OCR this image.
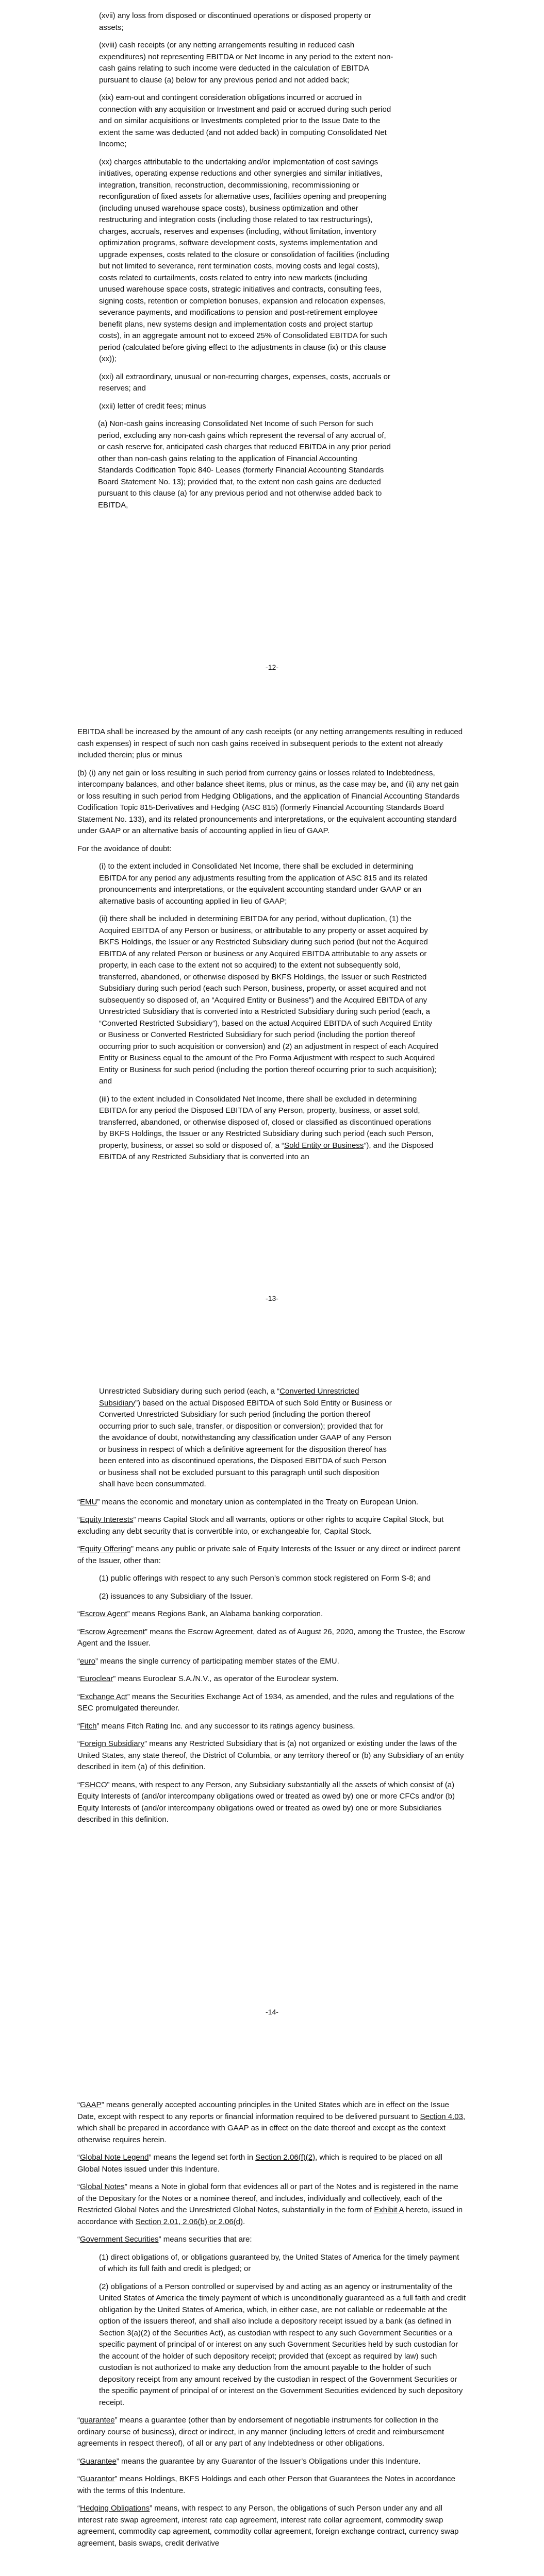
(xvii) any loss from disposed or discontinued operations or disposed property or assets;

(xviii) cash receipts (or any netting arrangements resulting in reduced cash expenditures) not representing EBITDA or Net Income in any period to the extent non-cash gains relating to such income were deducted in the calculation of EBITDA pursuant to clause (a) below for any previous period and not added back;

(xix) earn-out and contingent consideration obligations incurred or accrued in connection with any acquisition or Investment and paid or accrued during such period and on similar acquisitions or Investments completed prior to the Issue Date to the extent the same was deducted (and not added back) in computing Consolidated Net Income;

(xx) charges attributable to the undertaking and/or implementation of cost savings initiatives, operating expense reductions and other synergies and similar initiatives, integration, transition, reconstruction, decommissioning, recommissioning or reconfiguration of fixed assets for alternative uses, facilities opening and preopening (including unused warehouse space costs), business optimization and other restructuring and integration costs (including those related to tax restructurings), charges, accruals, reserves and expenses (including, without limitation, inventory optimization programs, software development costs, systems implementation and upgrade expenses, costs related to the closure or consolidation of facilities (including but not limited to severance, rent termination costs, moving costs and legal costs), costs related to curtailments, costs related to entry into new markets (including unused warehouse space costs, strategic initiatives and contracts, consulting fees, signing costs, retention or completion bonuses, expansion and relocation expenses, severance payments, and modifications to pension and post-retirement employee benefit plans, new systems design and implementation costs and project startup costs), in an aggregate amount not to exceed 25% of Consolidated EBITDA for such period (calculated before giving effect to the adjustments in clause (ix) or this clause (xx));

(xxi) all extraordinary, unusual or non-recurring charges, expenses, costs, accruals or reserves; and

(xxii) letter of credit fees; minus

(a) Non-cash gains increasing Consolidated Net Income of such Person for such period, excluding any non-cash gains which represent the reversal of any accrual of, or cash reserve for, anticipated cash charges that reduced EBITDA in any prior period other than non-cash gains relating to the application of Financial Accounting Standards Codification Topic 840- Leases (formerly Financial Accounting Standards Board Statement No. 13); provided that, to the extent non cash gains are deducted pursuant to this clause (a) for any previous period and not otherwise added back to EBITDA,

-12-

EBITDA shall be increased by the amount of any cash receipts (or any netting arrangements resulting in reduced cash expenses) in respect of such non cash gains received in subsequent periods to the extent not already included therein; plus or minus

(b) (i) any net gain or loss resulting in such period from currency gains or losses related to Indebtedness, intercompany balances, and other balance sheet items, plus or minus, as the case may be, and (ii) any net gain or loss resulting in such period from Hedging Obligations, and the application of Financial Accounting Standards Codification Topic 815-Derivatives and Hedging (ASC 815) (formerly Financial Accounting Standards Board Statement No. 133), and its related pronouncements and interpretations, or the equivalent accounting standard under GAAP or an alternative basis of accounting applied in lieu of GAAP.

For the avoidance of doubt:

(i) to the extent included in Consolidated Net Income, there shall be excluded in determining EBITDA for any period any adjustments resulting from the application of ASC 815 and its related pronouncements and interpretations, or the equivalent accounting standard under GAAP or an alternative basis of accounting applied in lieu of GAAP;

(ii) there shall be included in determining EBITDA for any period, without duplication, (1) the Acquired EBITDA of any Person or business, or attributable to any property or asset acquired by BKFS Holdings, the Issuer or any Restricted Subsidiary during such period (but not the Acquired EBITDA of any related Person or business or any Acquired EBITDA attributable to any assets or property, in each case to the extent not so acquired) to the extent not subsequently sold, transferred, abandoned, or otherwise disposed by BKFS Holdings, the Issuer or such Restricted Subsidiary during such period (each such Person, business, property, or asset acquired and not subsequently so disposed of, an “Acquired Entity or Business”) and the Acquired EBITDA of any Unrestricted Subsidiary that is converted into a Restricted Subsidiary during such period (each, a “Converted Restricted Subsidiary”), based on the actual Acquired EBITDA of such Acquired Entity or Business or Converted Restricted Subsidiary for such period (including the portion thereof occurring prior to such acquisition or conversion) and (2) an adjustment in respect of each Acquired Entity or Business equal to the amount of the Pro Forma Adjustment with respect to such Acquired Entity or Business for such period (including the portion thereof occurring prior to such acquisition); and

(iii) to the extent included in Consolidated Net Income, there shall be excluded in determining EBITDA for any period the Disposed EBITDA of any Person, property, business, or asset sold, transferred, abandoned, or otherwise disposed of, closed or classified as discontinued operations by BKFS Holdings, the Issuer or any Restricted Subsidiary during such period (each such Person, property, business, or asset so sold or disposed of, a “Sold Entity or Business”), and the Disposed EBITDA of any Restricted Subsidiary that is converted into an

-13-

Unrestricted Subsidiary during such period (each, a “Converted Unrestricted Subsidiary”) based on the actual Disposed EBITDA of such Sold Entity or Business or Converted Unrestricted Subsidiary for such period (including the portion thereof occurring prior to such sale, transfer, or disposition or conversion); provided that for the avoidance of doubt, notwithstanding any classification under GAAP of any Person or business in respect of which a definitive agreement for the disposition thereof has been entered into as discontinued operations, the Disposed EBITDA of such Person or business shall not be excluded pursuant to this paragraph until such disposition shall have been consummated.

“EMU” means the economic and monetary union as contemplated in the Treaty on European Union.

“Equity Interests” means Capital Stock and all warrants, options or other rights to acquire Capital Stock, but excluding any debt security that is convertible into, or exchangeable for, Capital Stock.

“Equity Offering” means any public or private sale of Equity Interests of the Issuer or any direct or indirect parent of the Issuer, other than:

(1) public offerings with respect to any such Person’s common stock registered on Form S-8; and

(2) issuances to any Subsidiary of the Issuer.

“Escrow Agent” means Regions Bank, an Alabama banking corporation.

“Escrow Agreement” means the Escrow Agreement, dated as of August 26, 2020, among the Trustee, the Escrow Agent and the Issuer.

“euro” means the single currency of participating member states of the EMU.

“Euroclear” means Euroclear S.A./N.V., as operator of the Euroclear system.

“Exchange Act” means the Securities Exchange Act of 1934, as amended, and the rules and regulations of the SEC promulgated thereunder.

“Fitch” means Fitch Rating Inc. and any successor to its ratings agency business.

“Foreign Subsidiary” means any Restricted Subsidiary that is (a) not organized or existing under the laws of the United States, any state thereof, the District of Columbia, or any territory thereof or (b) any Subsidiary of an entity described in item (a) of this definition.

“FSHCO” means, with respect to any Person, any Subsidiary substantially all the assets of which consist of (a) Equity Interests of (and/or intercompany obligations owed or treated as owed by) one or more CFCs and/or (b) Equity Interests of (and/or intercompany obligations owed or treated as owed by) one or more Subsidiaries described in this definition.

-14-

“GAAP” means generally accepted accounting principles in the United States which are in effect on the Issue Date, except with respect to any reports or financial information required to be delivered pursuant to Section 4.03, which shall be prepared in accordance with GAAP as in effect on the date thereof and except as the context otherwise requires herein.

“Global Note Legend” means the legend set forth in Section 2.06(f)(2), which is required to be placed on all Global Notes issued under this Indenture.

“Global Notes” means a Note in global form that evidences all or part of the Notes and is registered in the name of the Depositary for the Notes or a nominee thereof, and includes, individually and collectively, each of the Restricted Global Notes and the Unrestricted Global Notes, substantially in the form of Exhibit A hereto, issued in accordance with Section 2.01, 2.06(b) or 2.06(d).

“Government Securities” means securities that are:

(1) direct obligations of, or obligations guaranteed by, the United States of America for the timely payment of which its full faith and credit is pledged; or

(2) obligations of a Person controlled or supervised by and acting as an agency or instrumentality of the United States of America the timely payment of which is unconditionally guaranteed as a full faith and credit obligation by the United States of America, which, in either case, are not callable or redeemable at the option of the issuers thereof, and shall also include a depository receipt issued by a bank (as defined in Section 3(a)(2) of the Securities Act), as custodian with respect to any such Government Securities or a specific payment of principal of or interest on any such Government Securities held by such custodian for the account of the holder of such depository receipt; provided that (except as required by law) such custodian is not authorized to make any deduction from the amount payable to the holder of such depository receipt from any amount received by the custodian in respect of the Government Securities or the specific payment of principal of or interest on the Government Securities evidenced by such depository receipt.

“guarantee” means a guarantee (other than by endorsement of negotiable instruments for collection in the ordinary course of business), direct or indirect, in any manner (including letters of credit and reimbursement agreements in respect thereof), of all or any part of any Indebtedness or other obligations.

“Guarantee” means the guarantee by any Guarantor of the Issuer’s Obligations under this Indenture.

“Guarantor” means Holdings, BKFS Holdings and each other Person that Guarantees the Notes in accordance with the terms of this Indenture.

“Hedging Obligations” means, with respect to any Person, the obligations of such Person under any and all interest rate swap agreement, interest rate cap agreement, interest rate collar agreement, commodity swap agreement, commodity cap agreement, commodity collar agreement, foreign exchange contract, currency swap agreement, basis swaps, credit derivative
